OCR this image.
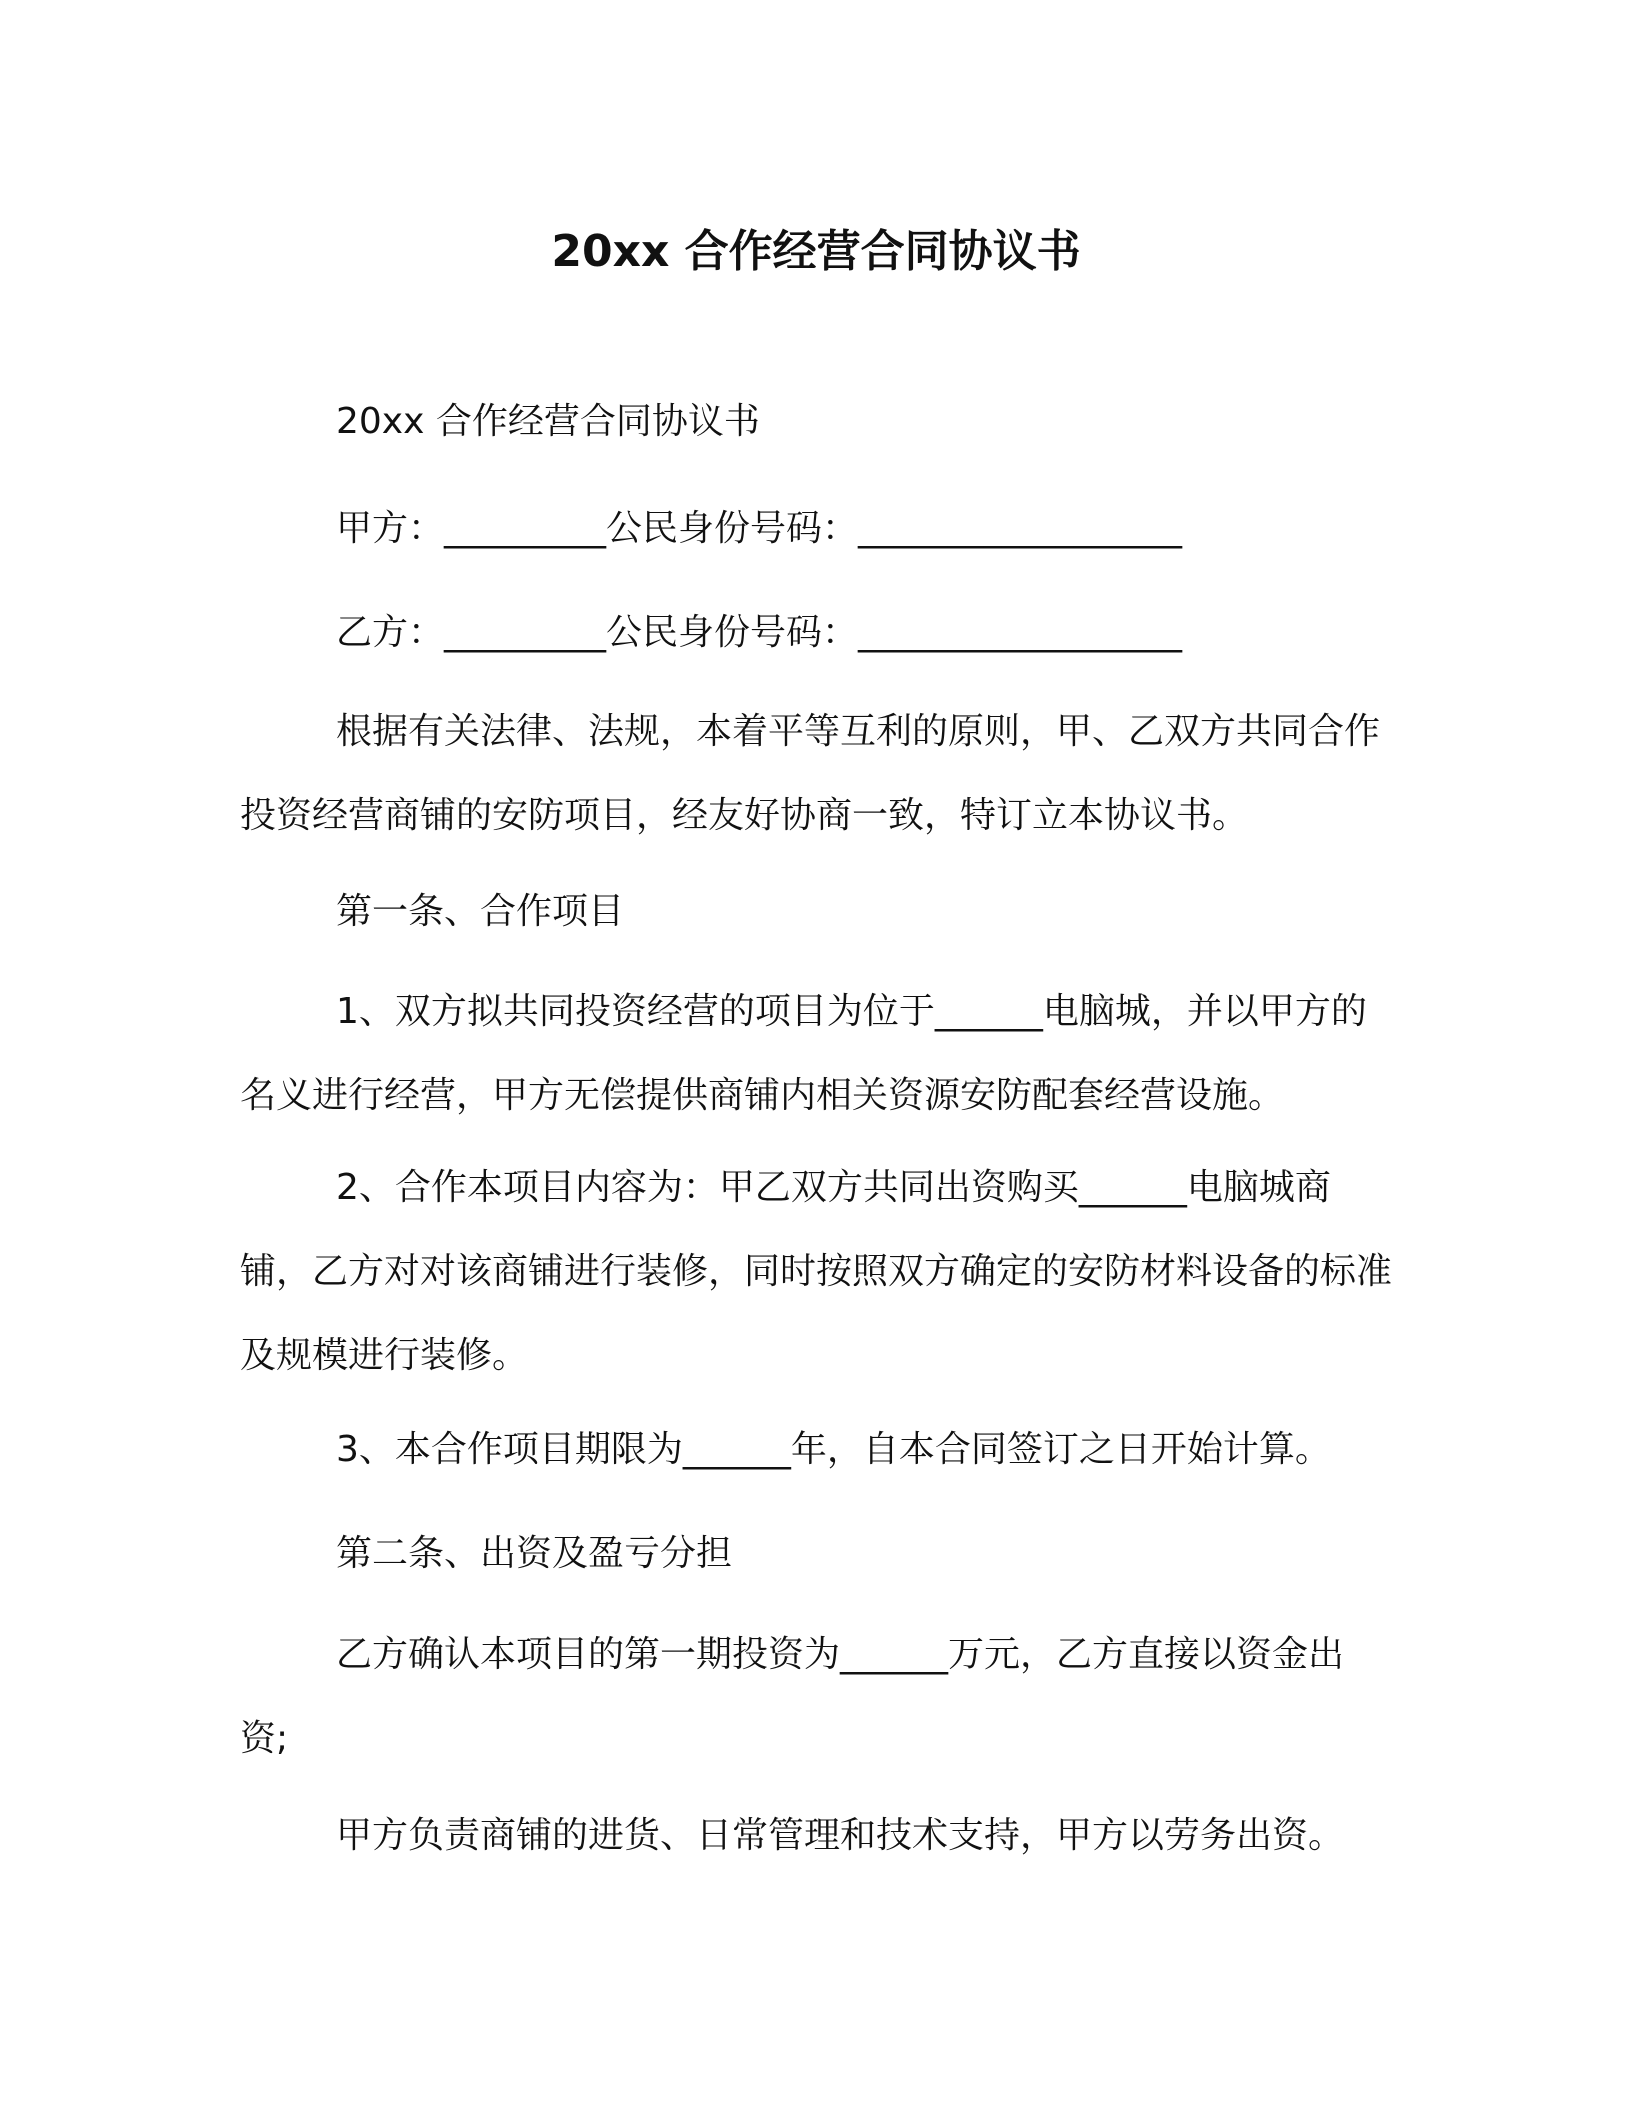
20xx 合作经营合同协议书
20xx 合作经营合同协议书
甲方：_________公民身份号码：__________________
乙方：_________公民身份号码：__________________
根据有关法律、法规，本着平等互利的原则，甲、乙双方共同合作投资经营商铺的安防项目，经友好协商一致，特订立本协议书。
第一条、合作项目
1、双方拟共同投资经营的项目为位于______电脑城，并以甲方的名义进行经营，甲方无偿提供商铺内相关资源安防配套经营设施。
2、合作本项目内容为：甲乙双方共同出资购买______电脑城商铺，乙方对对该商铺进行装修，同时按照双方确定的安防材料设备的标准及规模进行装修。
3、本合作项目期限为______年，自本合同签订之日开始计算。
第二条、出资及盈亏分担
乙方确认本项目的第一期投资为______万元，乙方直接以资金出资;
甲方负责商铺的进货、日常管理和技术支持，甲方以劳务出资。
